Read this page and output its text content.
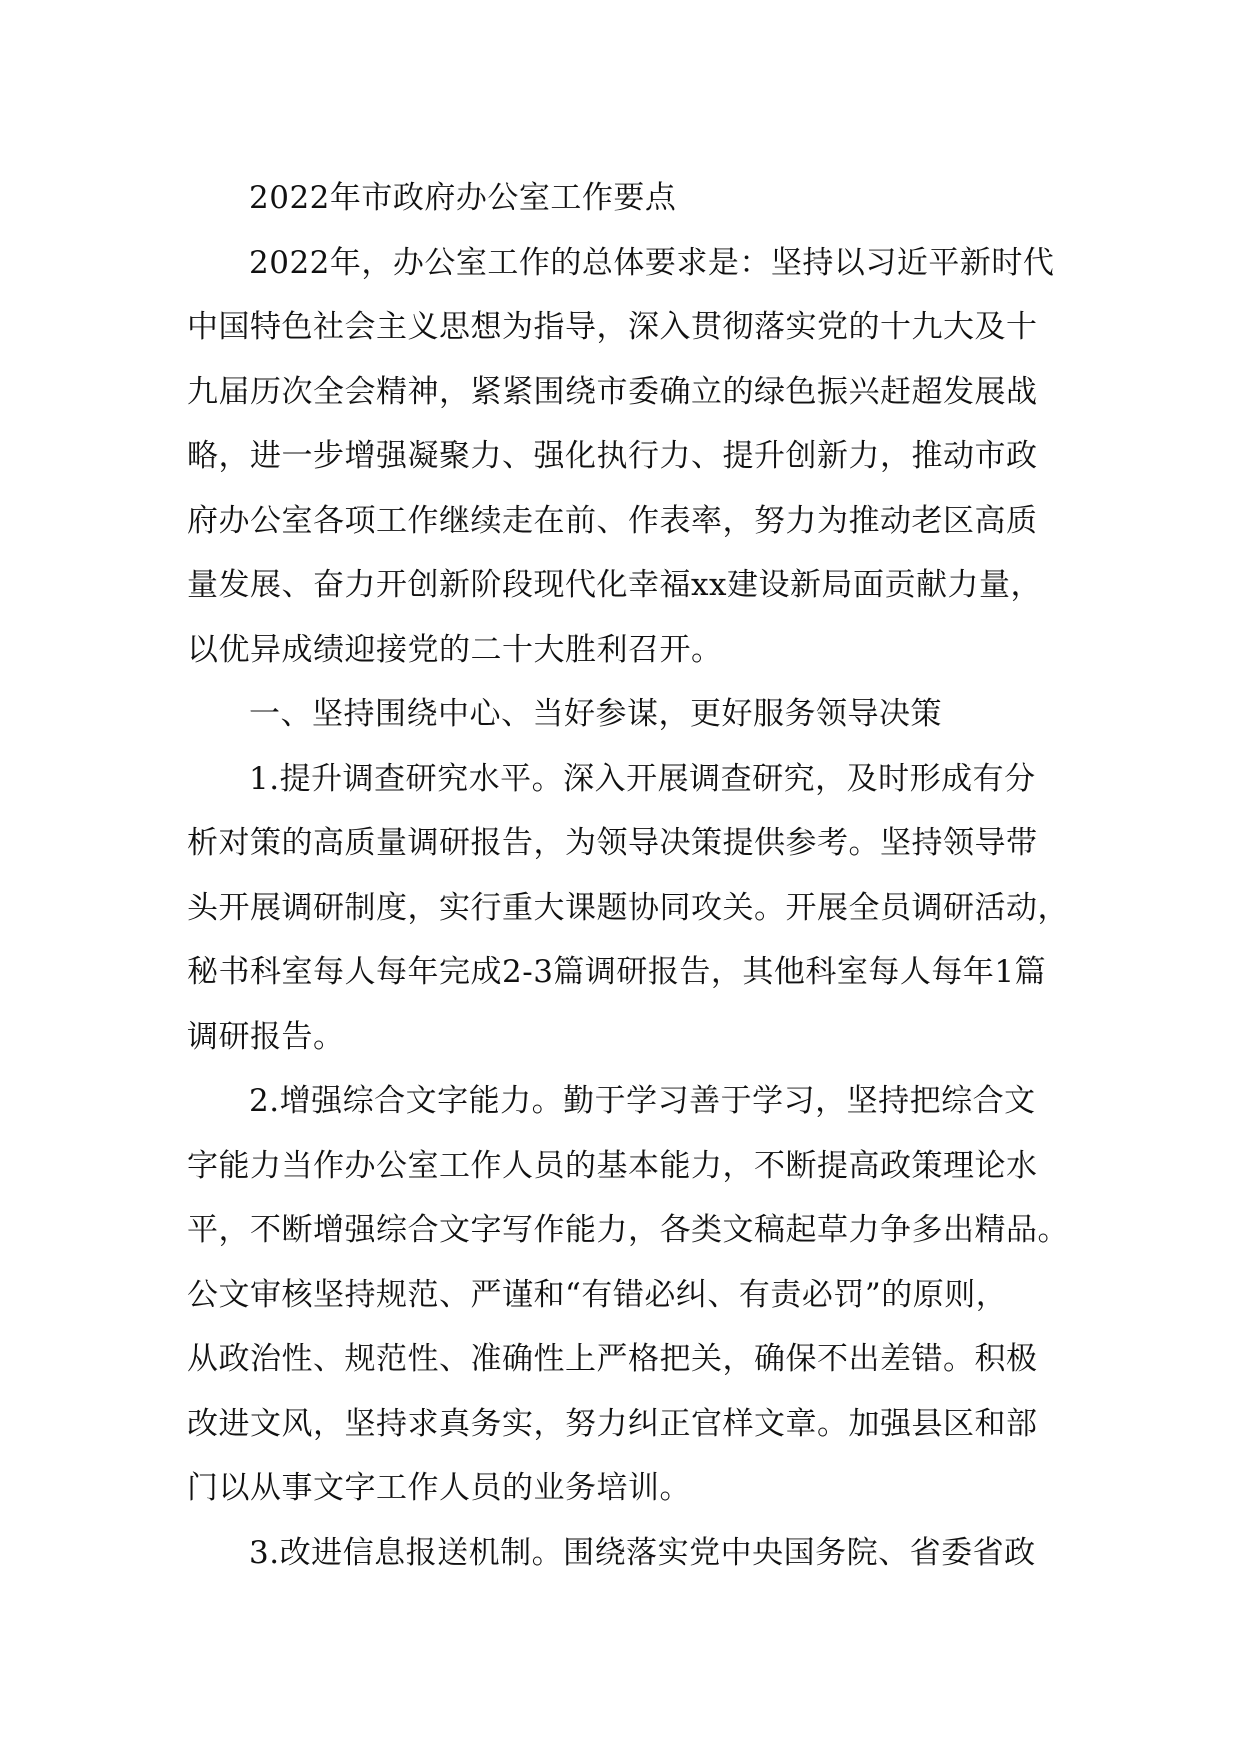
2022年市政府办公室工作要点
2022年，办公室工作的总体要求是：坚持以习近平新时代
中国特色社会主义思想为指导，深入贯彻落实党的十九大及十
九届历次全会精神，紧紧围绕市委确立的绿色振兴赶超发展战
略，进一步增强凝聚力、强化执行力、提升创新力，推动市政
府办公室各项工作继续走在前、作表率，努力为推动老区高质
量发展、奋力开创新阶段现代化幸福xx建设新局面贡献力量，
以优异成绩迎接党的二十大胜利召开。
一、坚持围绕中心、当好参谋，更好服务领导决策
1.提升调查研究水平。深入开展调查研究，及时形成有分
析对策的高质量调研报告，为领导决策提供参考。坚持领导带
头开展调研制度，实行重大课题协同攻关。开展全员调研活动，
秘书科室每人每年完成2-3篇调研报告，其他科室每人每年1篇
调研报告。
2.增强综合文字能力。勤于学习善于学习，坚持把综合文
字能力当作办公室工作人员的基本能力，不断提高政策理论水
平，不断增强综合文字写作能力，各类文稿起草力争多出精品。
公文审核坚持规范、严谨和“有错必纠、有责必罚”的原则，
从政治性、规范性、准确性上严格把关，确保不出差错。积极
改进文风，坚持求真务实，努力纠正官样文章。加强县区和部
门以从事文字工作人员的业务培训。
3.改进信息报送机制。围绕落实党中央国务院、省委省政
